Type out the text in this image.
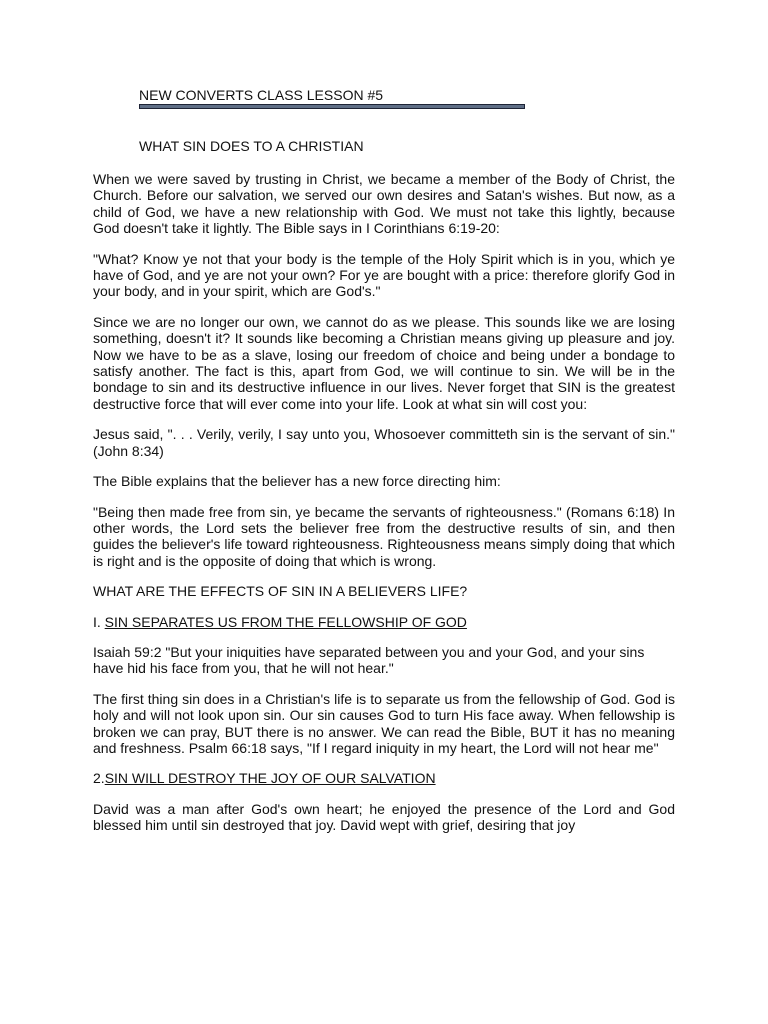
NEW CONVERTS CLASS LESSON #5
WHAT SIN DOES TO A CHRISTIAN

When we were saved by trusting in Christ, we became a member of the Body of Christ, the Church. Before our salvation, we served our own desires and Satan's wishes. But now, as a child of God, we have a new relationship with God. We must not take this lightly, because God doesn't take it lightly. The Bible says in I Corinthians 6:19-20:

"What? Know ye not that your body is the temple of the Holy Spirit which is in you, which ye have of God, and ye are not your own? For ye are bought with a price: therefore glorify God in your body, and in your spirit, which are God's."

Since we are no longer our own, we cannot do as we please. This sounds like we are losing something, doesn't it? It sounds like becoming a Christian means giving up pleasure and joy. Now we have to be as a slave, losing our freedom of choice and being under a bondage to satisfy another. The fact is this, apart from God, we will continue to sin. We will be in the bondage to sin and its destructive influence in our lives. Never forget that SIN is the greatest destructive force that will ever come into your life. Look at what sin will cost you:

Jesus said, ". . . Verily, verily, I say unto you, Whosoever committeth sin is the servant of sin." (John 8:34)

The Bible explains that the believer has a new force directing him:

"Being then made free from sin, ye became the servants of righteousness." (Romans 6:18) In other words, the Lord sets the believer free from the destructive results of sin, and then guides the believer's life toward righteousness. Righteousness means simply doing that which is right and is the opposite of doing that which is wrong.

WHAT ARE THE EFFECTS OF SIN IN A BELIEVERS LIFE?

I. SIN SEPARATES US FROM THE FELLOWSHIP OF GOD

Isaiah 59:2 "But your iniquities have separated between you and your God, and your sins have hid his face from you, that he will not hear."

The first thing sin does in a Christian's life is to separate us from the fellowship of God. God is holy and will not look upon sin. Our sin causes God to turn His face away. When fellowship is broken we can pray, BUT there is no answer. We can read the Bible, BUT it has no meaning and freshness. Psalm 66:18 says, "If I regard iniquity in my heart, the Lord will not hear me"

2.SIN WILL DESTROY THE JOY OF OUR SALVATION

David was a man after God's own heart; he enjoyed the presence of the Lord and God blessed him until sin destroyed that joy. David wept with grief, desiring that joy
